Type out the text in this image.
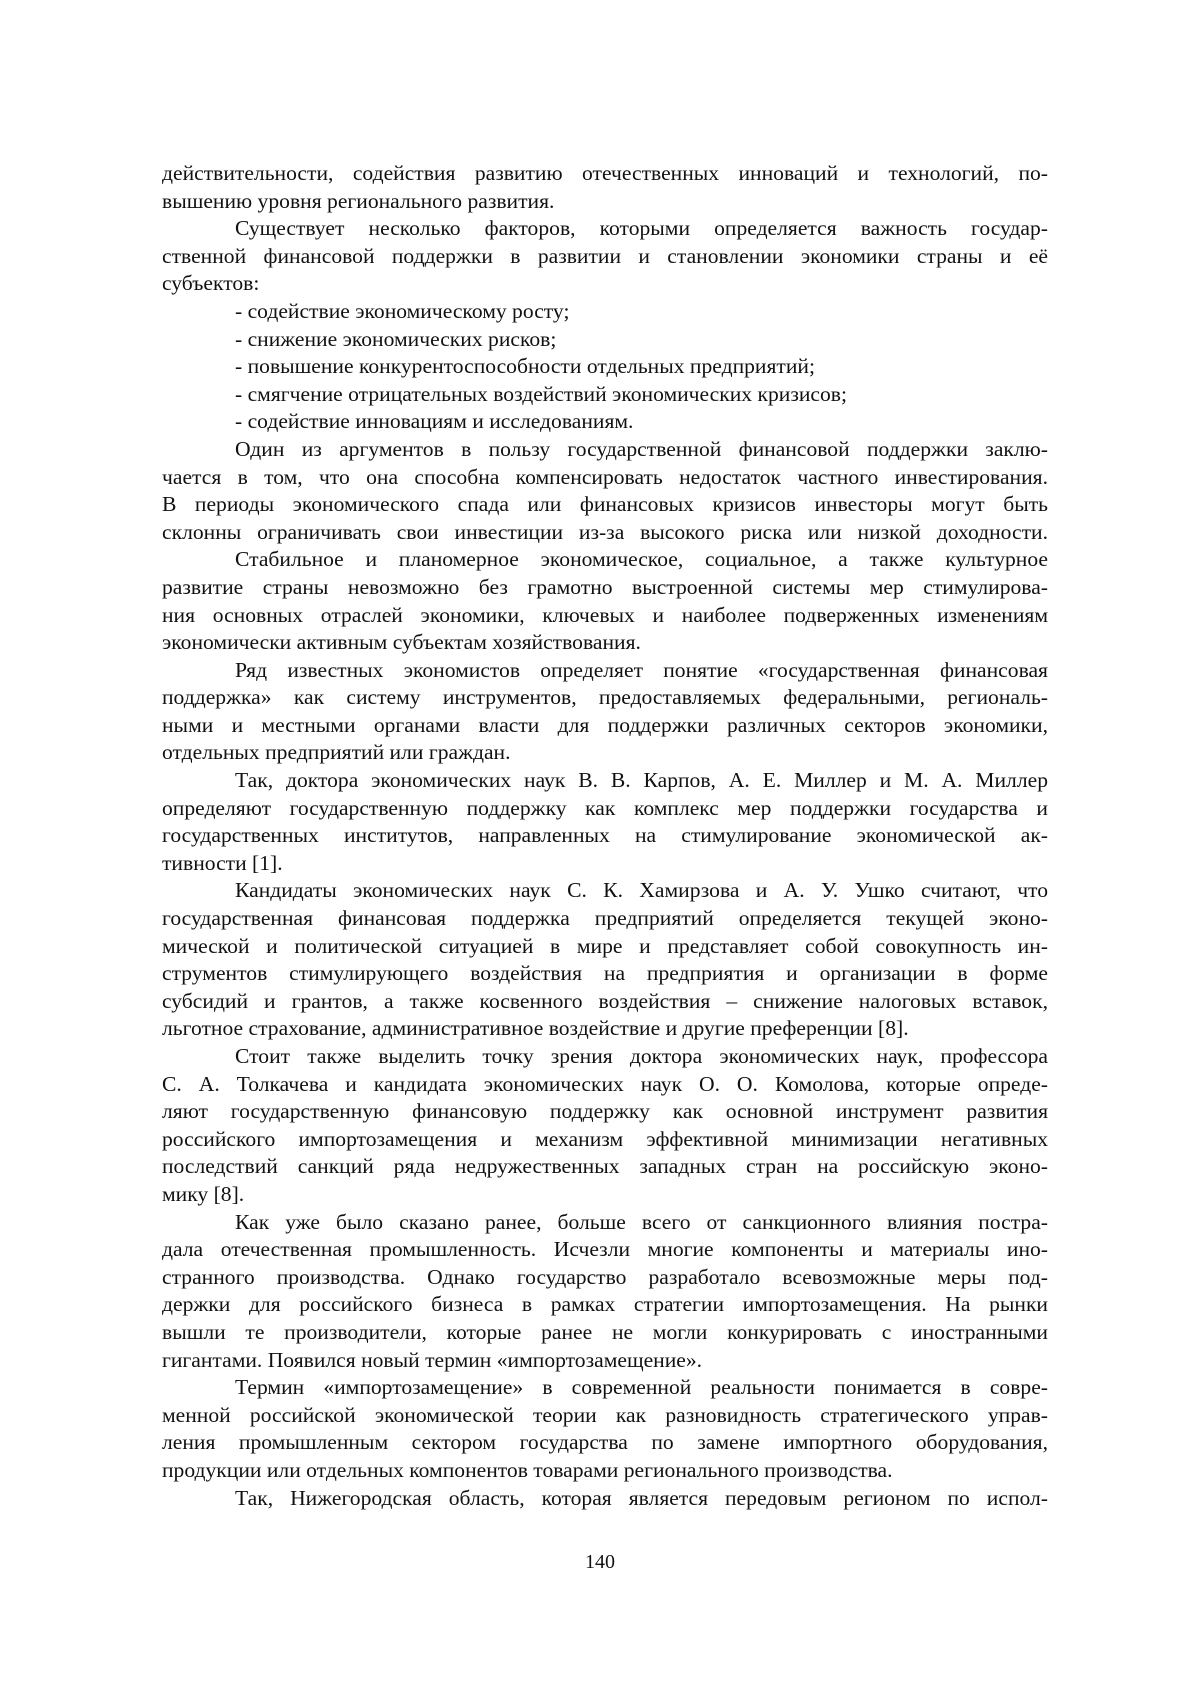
действительности, содействия развитию отечественных инноваций и технологий, по-
вышению уровня регионального развития.
Существует несколько факторов, которыми определяется важность государ-
ственной финансовой поддержки в развитии и становлении экономики страны и её
субъектов:
- содействие экономическому росту;
- снижение экономических рисков;
- повышение конкурентоспособности отдельных предприятий;
- смягчение отрицательных воздействий экономических кризисов;
- содействие инновациям и исследованиям.
Один из аргументов в пользу государственной финансовой поддержки заклю-
чается в том, что она способна компенсировать недостаток частного инвестирования.
В периоды экономического спада или финансовых кризисов инвесторы могут быть
склонны ограничивать свои инвестиции из-за высокого риска или низкой доходности.
Стабильное и планомерное экономическое, социальное, а также культурное
развитие страны невозможно без грамотно выстроенной системы мер стимулирова-
ния основных отраслей экономики, ключевых и наиболее подверженных изменениям
экономически активным субъектам хозяйствования.
Ряд известных экономистов определяет понятие «государственная финансовая
поддержка» как систему инструментов, предоставляемых федеральными, региональ-
ными и местными органами власти для поддержки различных секторов экономики,
отдельных предприятий или граждан.
Так, доктора экономических наук В. В. Карпов, А. Е. Миллер и М. А. Миллер
определяют государственную поддержку как комплекс мер поддержки государства и
государственных институтов, направленных на стимулирование экономической ак-
тивности [1].
Кандидаты экономических наук С. К. Хамирзова и А. У. Ушко считают, что
государственная финансовая поддержка предприятий определяется текущей эконо-
мической и политической ситуацией в мире и представляет собой совокупность ин-
струментов стимулирующего воздействия на предприятия и организации в форме
субсидий и грантов, а также косвенного воздействия – снижение налоговых вставок,
льготное страхование, административное воздействие и другие преференции [8].
Стоит также выделить точку зрения доктора экономических наук, профессора
С. А. Толкачева и кандидата экономических наук О. О. Комолова, которые опреде-
ляют государственную финансовую поддержку как основной инструмент развития
российского импортозамещения и механизм эффективной минимизации негативных
последствий санкций ряда недружественных западных стран на российскую эконо-
мику [8].
Как уже было сказано ранее, больше всего от санкционного влияния постра-
дала отечественная промышленность. Исчезли многие компоненты и материалы ино-
странного производства. Однако государство разработало всевозможные меры под-
держки для российского бизнеса в рамках стратегии импортозамещения. На рынки
вышли те производители, которые ранее не могли конкурировать с иностранными
гигантами. Появился новый термин «импортозамещение».
Термин «импортозамещение» в современной реальности понимается в совре-
менной российской экономической теории как разновидность стратегического управ-
ления промышленным сектором государства по замене импортного оборудования,
продукции или отдельных компонентов товарами регионального производства.
Так, Нижегородская область, которая является передовым регионом по испол-
140
